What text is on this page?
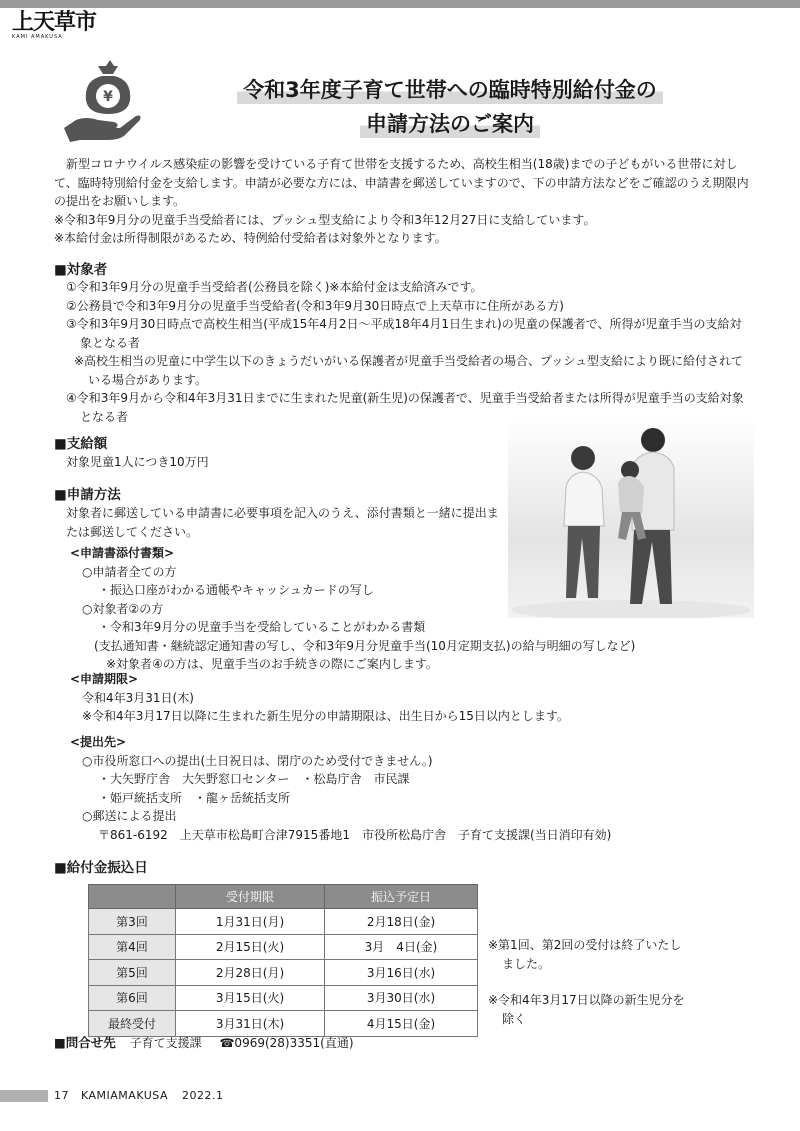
上天草市
KAMI AMAKUSA
¥	令和3年度子育て世帯への臨時特別給付金の
申請方法のご案内

新型コロナウイルス感染症の影響を受けている子育て世帯を支援するため、高校生相当(18歳)までの子どもがいる世帯に対して、臨時特別給付金を支給します。申請が必要な方には、申請書を郵送していますので、下の申請方法などをご確認のうえ期限内の提出をお願いします。

※令和3年9月分の児童手当受給者には、プッシュ型支給により令和3年12月27日に支給しています。

※本給付金は所得制限があるため、特例給付受給者は対象外となります。

■対象者
①令和3年9月分の児童手当受給者(公務員を除く)※本給付金は支給済みです。
②公務員で令和3年9月分の児童手当受給者(令和3年9月30日時点で上天草市に住所がある方)
③令和3年9月30日時点で高校生相当(平成15年4月2日～平成18年4月1日生まれ)の児童の保護者で、所得が児童手当の支給対象となる者
※高校生相当の児童に中学生以下のきょうだいがいる保護者が児童手当受給者の場合、プッシュ型支給により既に給付されている場合があります。
④令和3年9月から令和4年3月31日までに生まれた児童(新生児)の保護者で、児童手当受給者または所得が児童手当の支給対象となる者
■支給額
対象児童1人につき10万円
■申請方法
対象者に郵送している申請書に必要事項を記入のうえ、添付書類と一緒に提出または郵送してください。
<申請書添付書類>
○申請者全ての方
・振込口座がわかる通帳やキャッシュカードの写し
○対象者②の方
・令和3年9月分の児童手当を受給していることがわかる書類
(支払通知書・継続認定通知書の写し、令和3年9月分児童手当(10月定期支払)の給与明細の写しなど)
※対象者④の方は、児童手当のお手続きの際にご案内します。
<申請期限>
令和4年3月31日(木)
※令和4年3月17日以降に生まれた新生児分の申請期限は、出生日から15日以内とします。
<提出先>
○市役所窓口への提出(土日祝日は、閉庁のため受付できません。)
・大矢野庁舎　大矢野窓口センター　・松島庁舎　市民課
・姫戸統括支所　・龍ヶ岳統括支所
○郵送による提出
〒861-6192　上天草市松島町合津7915番地1　市役所松島庁舎　子育て支援課(当日消印有効)
■給付金振込日
	受付期限	振込予定日
第3回	1月31日(月)	2月18日(金)
第4回	2月15日(火)	3月　4日(金)
第5回	2月28日(月)	3月16日(水)
第6回	3月15日(火)	3月30日(水)
最終受付	3月31日(木)	4月15日(金)
※第1回、第2回の受付は終了いたしました。
※令和4年3月17日以降の新生児分を除く
■問合せ先 子育て支援課 ☎0969(28)3351(直通)
17 KAMIAMAKUSA 2022.1
